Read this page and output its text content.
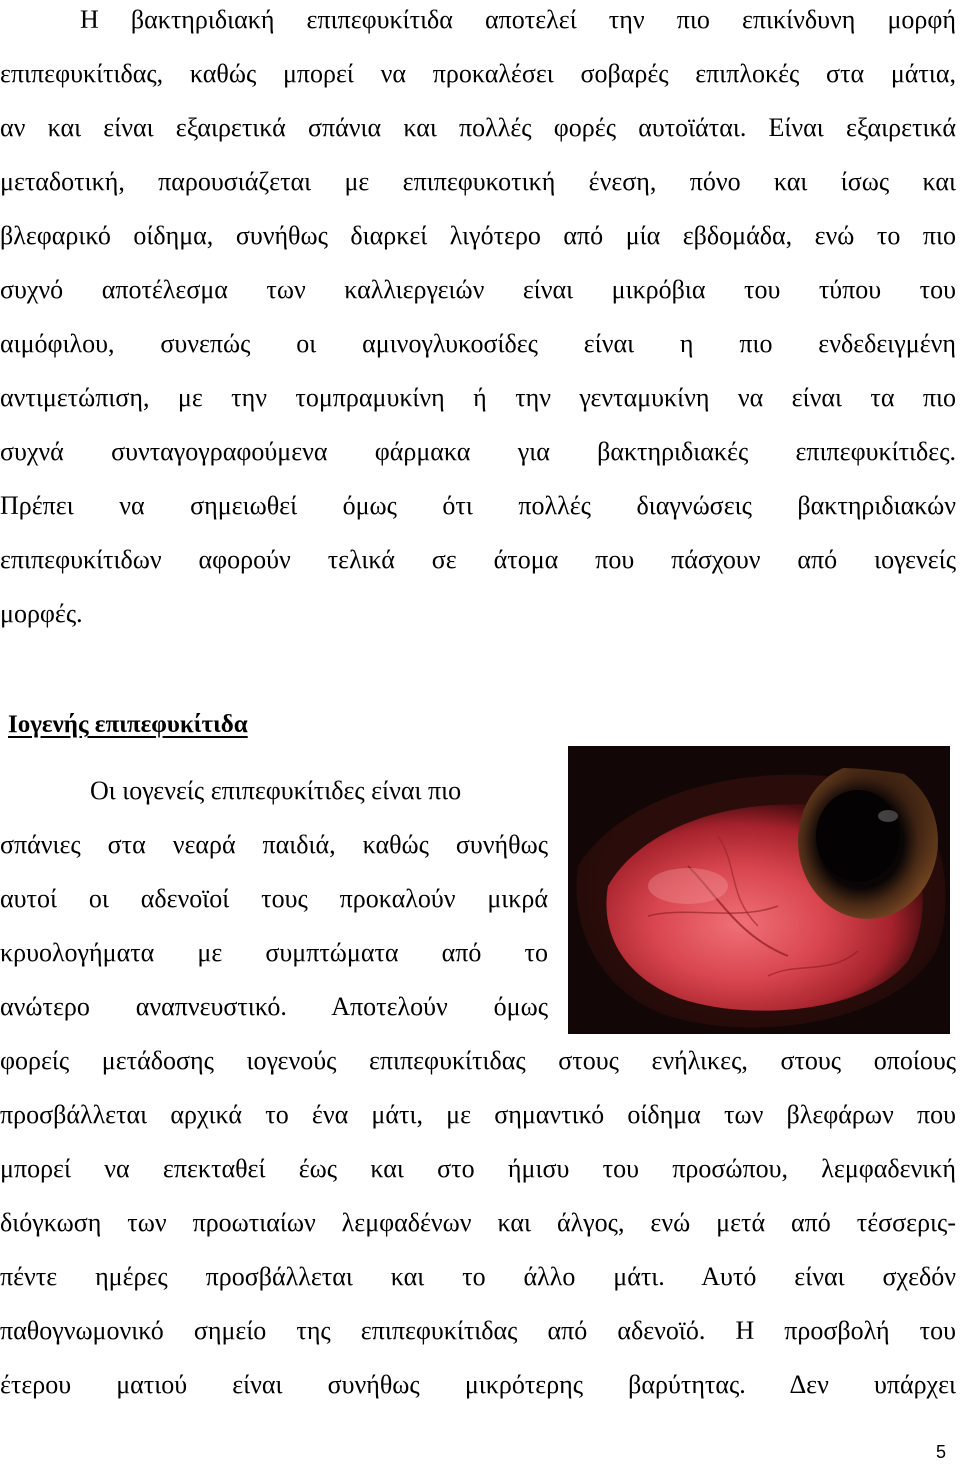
Η βακτηριδιακή επιπεφυκίτιδα αποτελεί την πιο επικίνδυνη μορφή
επιπεφυκίτιδας, καθώς μπορεί να προκαλέσει σοβαρές επιπλοκές στα μάτια,
αν και είναι εξαιρετικά σπάνια και πολλές φορές αυτοϊάται. Είναι εξαιρετικά
μεταδοτική, παρουσιάζεται με επιπεφυκοτική ένεση, πόνο και ίσως και
βλεφαρικό οίδημα, συνήθως διαρκεί λιγότερο από μία εβδομάδα, ενώ το πιο
συχνό αποτέλεσμα των καλλιεργειών είναι μικρόβια του τύπου του
αιμόφιλου, συνεπώς οι αμινογλυκοσίδες είναι η πιο ενδεδειγμένη
αντιμετώπιση, με την τομπραμυκίνη ή την γενταμυκίνη να είναι τα πιο
συχνά συνταγογραφούμενα φάρμακα για βακτηριδιακές επιπεφυκίτιδες.
Πρέπει να σημειωθεί όμως ότι πολλές διαγνώσεις βακτηριδιακών
επιπεφυκίτιδων αφορούν τελικά σε άτομα που πάσχουν από ιογενείς
μορφές.
Ιογενής επιπεφυκίτιδα
Οι ιογενείς επιπεφυκίτιδες είναι πιο
σπάνιες στα νεαρά παιδιά, καθώς συνήθως
αυτοί οι αδενοϊοί τους προκαλούν μικρά
κρυολογήματα με συμπτώματα από το
ανώτερο αναπνευστικό. Αποτελούν όμως
φορείς μετάδοσης ιογενούς επιπεφυκίτιδας στους ενήλικες, στους οποίους
προσβάλλεται αρχικά το ένα μάτι, με σημαντικό οίδημα των βλεφάρων που
μπορεί να επεκταθεί έως και στο ήμισυ του προσώπου, λεμφαδενική
διόγκωση των προωτιαίων λεμφαδένων και άλγος, ενώ μετά από τέσσερις-
πέντε ημέρες προσβάλλεται και το άλλο μάτι. Αυτό είναι σχεδόν
παθογνωμονικό σημείο της επιπεφυκίτιδας από αδενοϊό. Η προσβολή του
έτερου ματιού είναι συνήθως μικρότερης βαρύτητας. Δεν υπάρχει
5
